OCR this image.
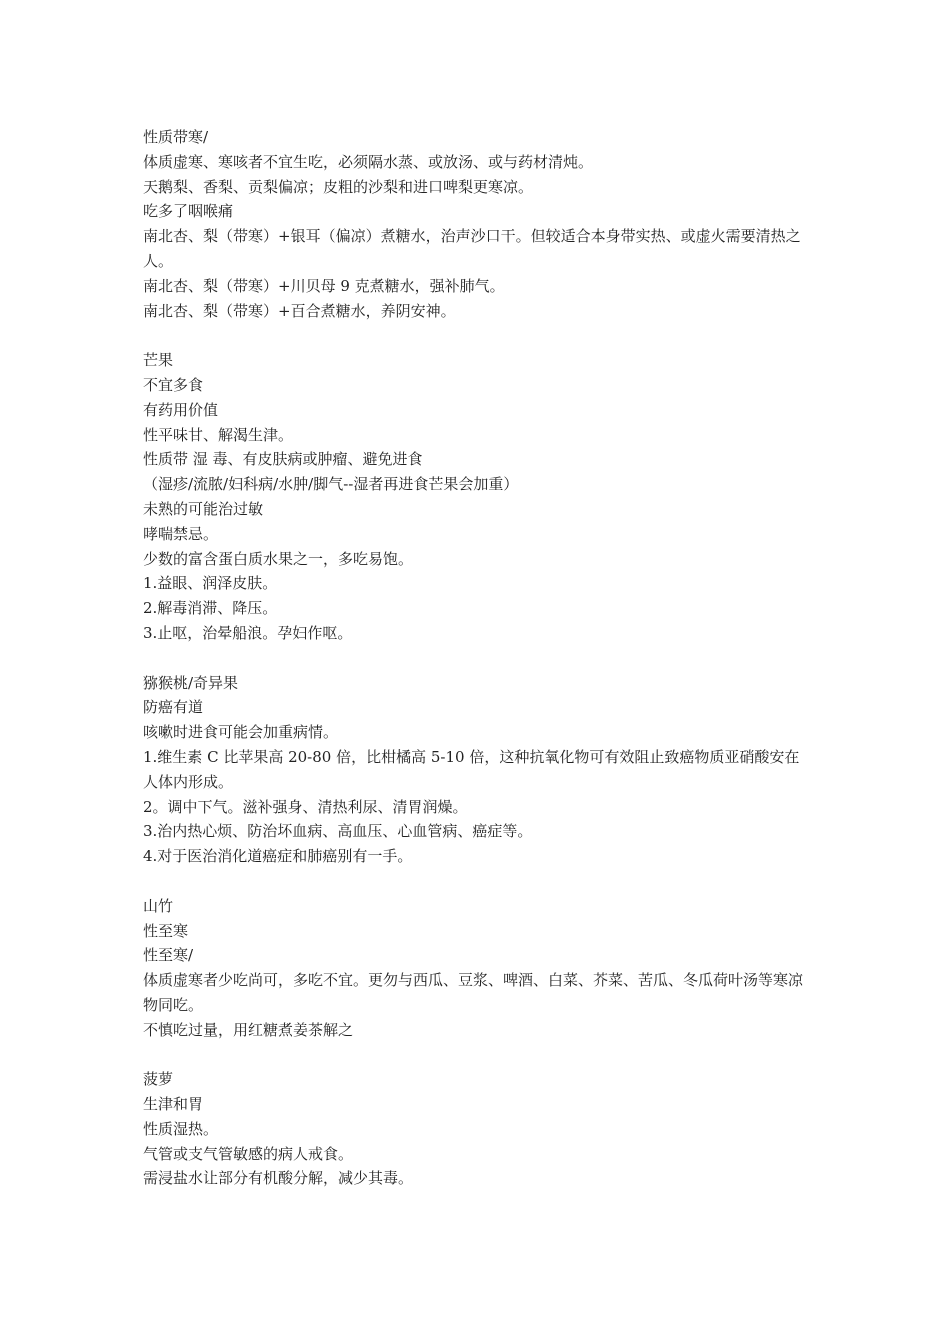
性质带寒/

体质虚寒、寒咳者不宜生吃，必须隔水蒸、或放汤、或与药材清炖。

天鹅梨、香梨、贡梨偏凉；皮粗的沙梨和进口啤梨更寒凉。

吃多了咽喉痛

南北杏、梨（带寒）+银耳（偏凉）煮糖水，治声沙口干。但较适合本身带实热、或虚火需要清热之人。

南北杏、梨（带寒）+川贝母 9 克煮糖水，强补肺气。

南北杏、梨（带寒）+百合煮糖水，养阴安神。

芒果

不宜多食

有药用价值

性平味甘、解渴生津。

性质带 湿 毒、有皮肤病或肿瘤、避免进食

（湿疹/流脓/妇科病/水肿/脚气--湿者再进食芒果会加重）

未熟的可能治过敏

哮喘禁忌。

少数的富含蛋白质水果之一，多吃易饱。

1.益眼、润泽皮肤。

2.解毒消滞、降压。

3.止呕，治晕船浪。孕妇作呕。

猕猴桃/奇异果

防癌有道

咳嗽时进食可能会加重病情。

1.维生素 C 比苹果高 20-80 倍，比柑橘高 5-10 倍，这种抗氧化物可有效阻止致癌物质亚硝酸安在人体内形成。

2。调中下气。滋补强身、清热利尿、清胃润燥。

3.治内热心烦、防治坏血病、高血压、心血管病、癌症等。

4.对于医治消化道癌症和肺癌别有一手。

山竹

性至寒

性至寒/

体质虚寒者少吃尚可，多吃不宜。更勿与西瓜、豆浆、啤酒、白菜、芥菜、苦瓜、冬瓜荷叶汤等寒凉物同吃。

不慎吃过量，用红糖煮姜茶解之

菠萝

生津和胃

性质湿热。

气管或支气管敏感的病人戒食。

需浸盐水让部分有机酸分解，减少其毒。
